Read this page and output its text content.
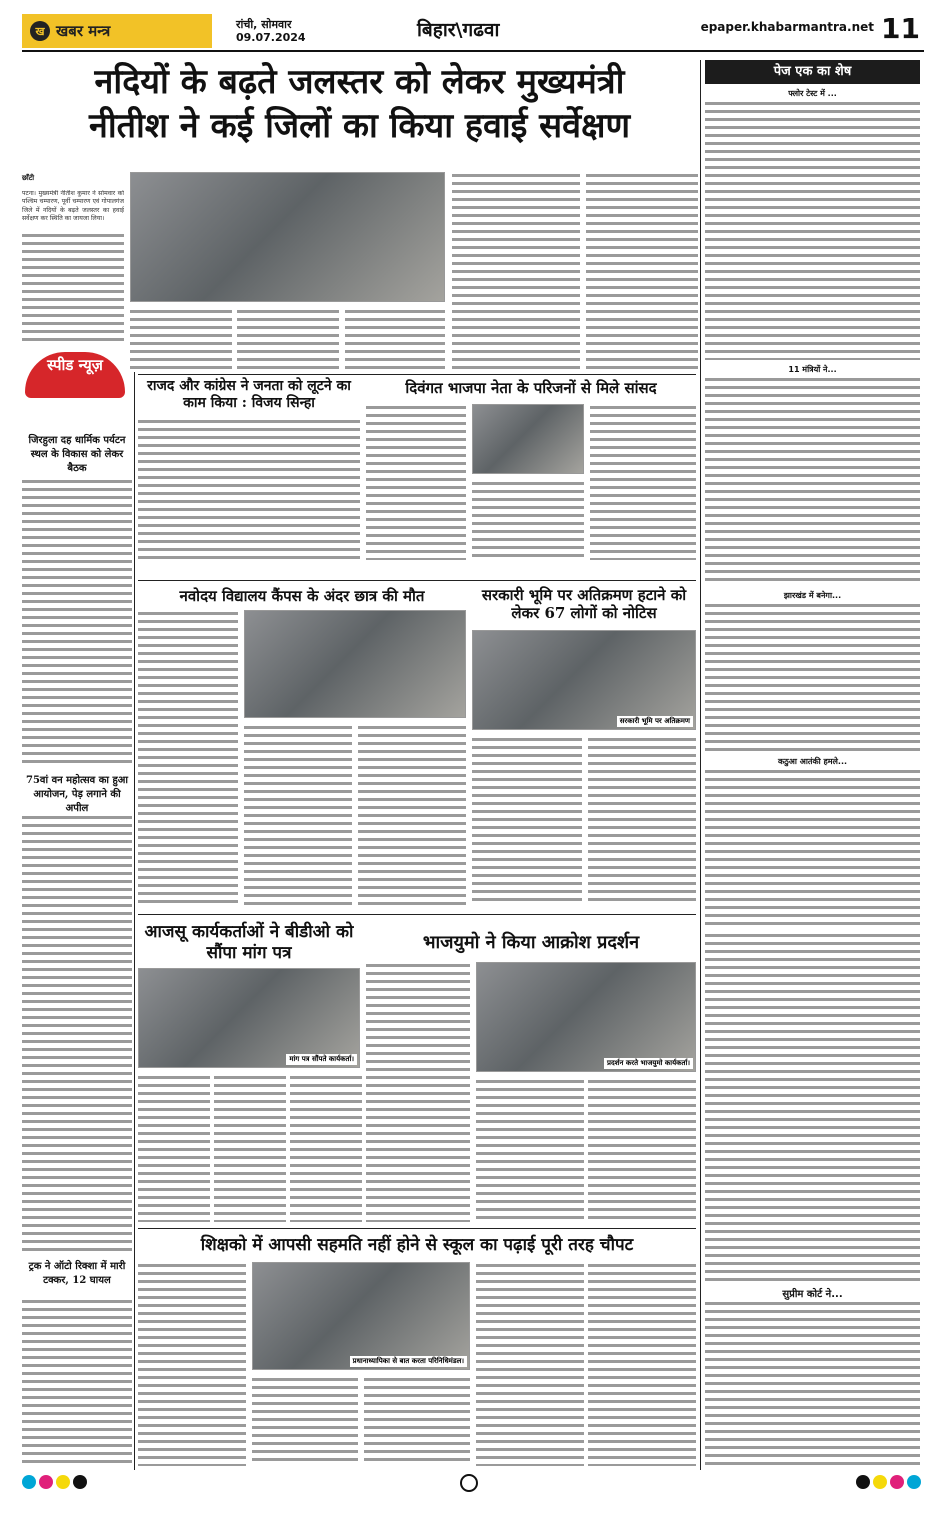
ख खबर मन्त्र	रांची, सोमवार
09.07.2024	बिहार\गढवा	epaper.khabarmantra.net 11
नदियों के बढ़ते जलस्तर को लेकर मुख्यमंत्री
नीतीश ने कई जिलों का किया हवाई सर्वेक्षण
छाँटी
पटना। मुख्यमंत्री नीतीश कुमार ने सोमवार को पश्चिम चम्पारण, पूर्वी चम्पारण एवं गोपालगंज जिले में नदियों के बढ़ते जलस्तर का हवाई सर्वेक्षण कर स्थिति का जायजा लिया।
पेज एक का शेष
फ्लोर टेस्ट में ...
11 मंत्रियों ने...
झारखंड में बनेगा...
कठुआ आतंकी हमले...
सुप्रीम कोर्ट ने...
स्पीड न्यूज़
जिरहुला दह धार्मिक पर्यटन स्थल के विकास को लेकर बैठक
75वां वन महोत्सव का हुआ आयोजन, पेड़ लगाने की अपील
ट्रक ने ऑटो रिक्शा में मारी टक्कर, 12 घायल
राजद और कांग्रेस ने जनता को लूटने का काम किया : विजय सिन्हा
दिवंगत भाजपा नेता के परिजनों से मिले सांसद
नवोदय विद्यालय कैंपस के अंदर छात्र की मौत	सरकारी भूमि पर अतिक्रमण हटाने को लेकर 67 लोगों को नोटिस
सरकारी भूमि पर अतिक्रमण
आजसू कार्यकर्ताओं ने बीडीओ को सौंपा मांग पत्र
मांग पत्र सौंपते कार्यकर्ता।
भाजयुमो ने किया आक्रोश प्रदर्शन
प्रदर्शन करते भाजयुमो कार्यकर्ता।
शिक्षको में आपसी सहमति नहीं होने से स्कूल का पढ़ाई पूरी तरह चौपट
प्रधानाध्यापिका से बात करता परिनिधिमंडल।
